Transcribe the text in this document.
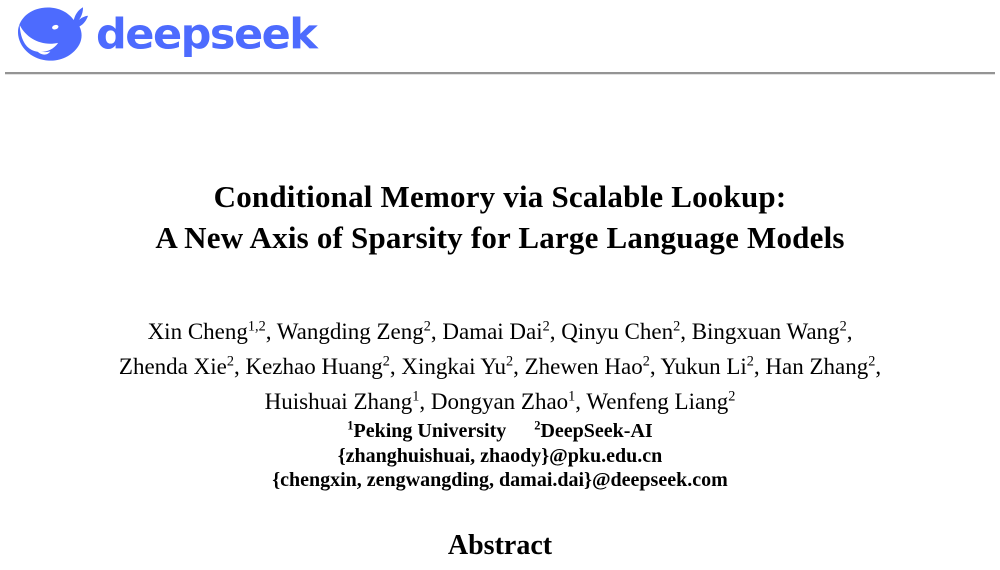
deepseek
Conditional Memory via Scalable Lookup:
A New Axis of Sparsity for Large Language Models
Xin Cheng$^{1,2}$, Wangding Zeng$^2$, Damai Dai$^2$, Qinyu Chen$^2$, Bingxuan Wang$^2$,
Zhenda Xie$^2$, Kezhao Huang$^2$, Xingkai Yu$^2$, Zhewen Hao$^2$, Yukun Li$^2$, Han Zhang$^2$,
Huishuai Zhang$^1$, Dongyan Zhao$^1$, Wenfeng Liang$^2$
$^1$Peking University $^2$DeepSeek-AI
{zhanghuishuai, zhaody}@pku.edu.cn
{chengxin, zengwangding, damai.dai}@deepseek.com
Abstract
